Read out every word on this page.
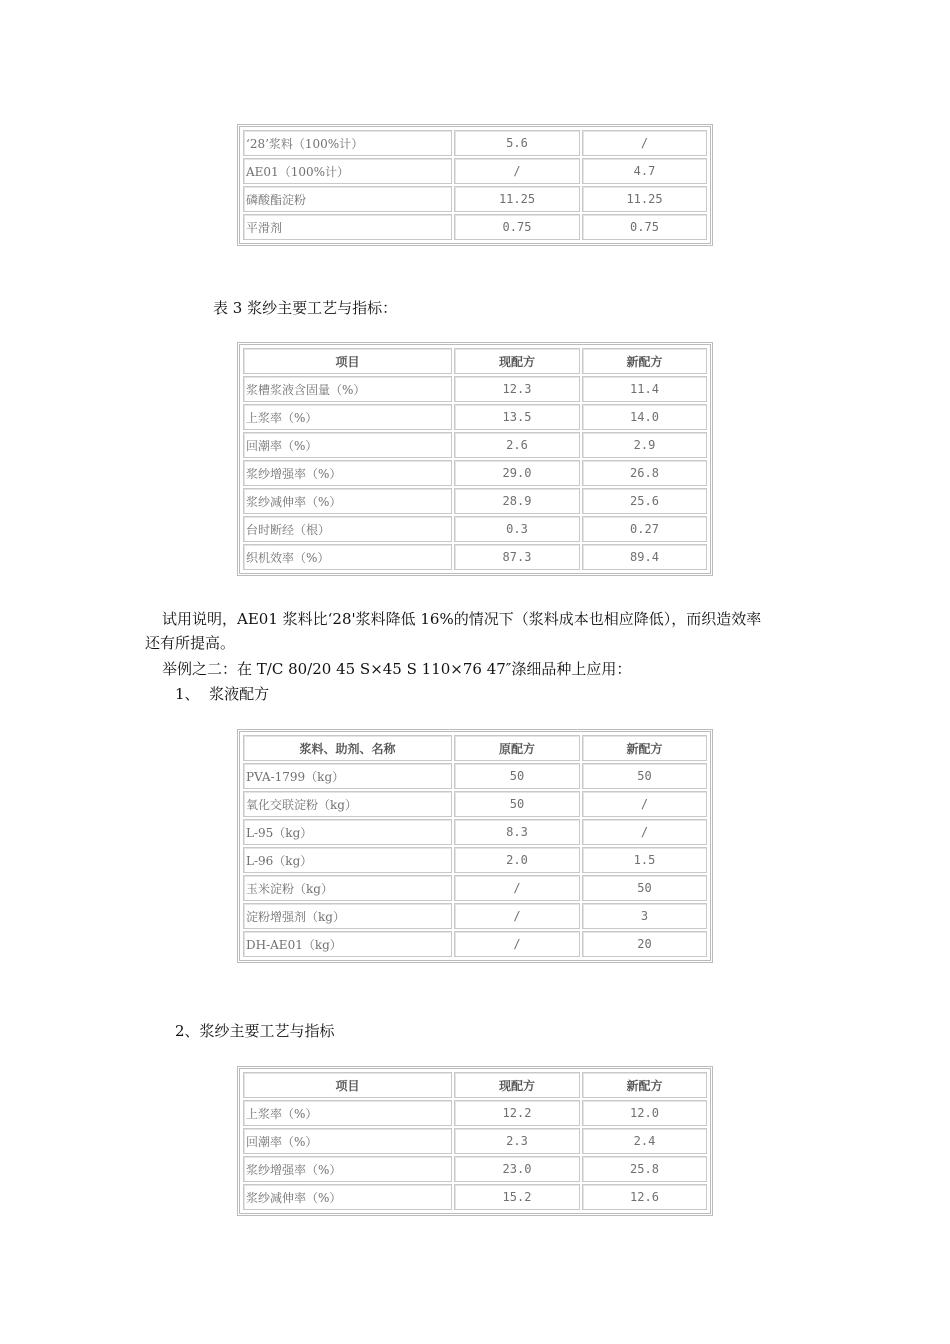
‘28’浆料（100%计）	5.6	/
AE01（100%计）	/	4.7
磷酸酯淀粉	11.25	11.25
平滑剂	0.75	0.75
表 3 浆纱主要工艺与指标：
项目	现配方	新配方
浆槽浆液含固量（%）	12.3	11.4
上浆率（%）	13.5	14.0
回潮率（%）	2.6	2.9
浆纱增强率（%）	29.0	26.8
浆纱减伸率（%）	28.9	25.6
台时断经（根）	0.3	0.27
织机效率（%）	87.3	89.4
试用说明，AE01 浆料比‘28'浆料降低 16%的情况下（浆料成本也相应降低），而织造效率
还有所提高。
举例之二：在 T/C 80/20 45 S×45 S 110×76 47″涤细品种上应用：
1、  浆液配方
浆料、助剂、名称	原配方	新配方
PVA-1799（kg）	50	50
氧化交联淀粉（kg）	50	/
L-95（kg）	8.3	/
L-96（kg）	2.0	1.5
玉米淀粉（kg）	/	50
淀粉增强剂（kg）	/	3
DH-AE01（kg）	/	20
2、浆纱主要工艺与指标
项目	现配方	新配方
上浆率（%）	12.2	12.0
回潮率（%）	2.3	2.4
浆纱增强率（%）	23.0	25.8
浆纱减伸率（%）	15.2	12.6
